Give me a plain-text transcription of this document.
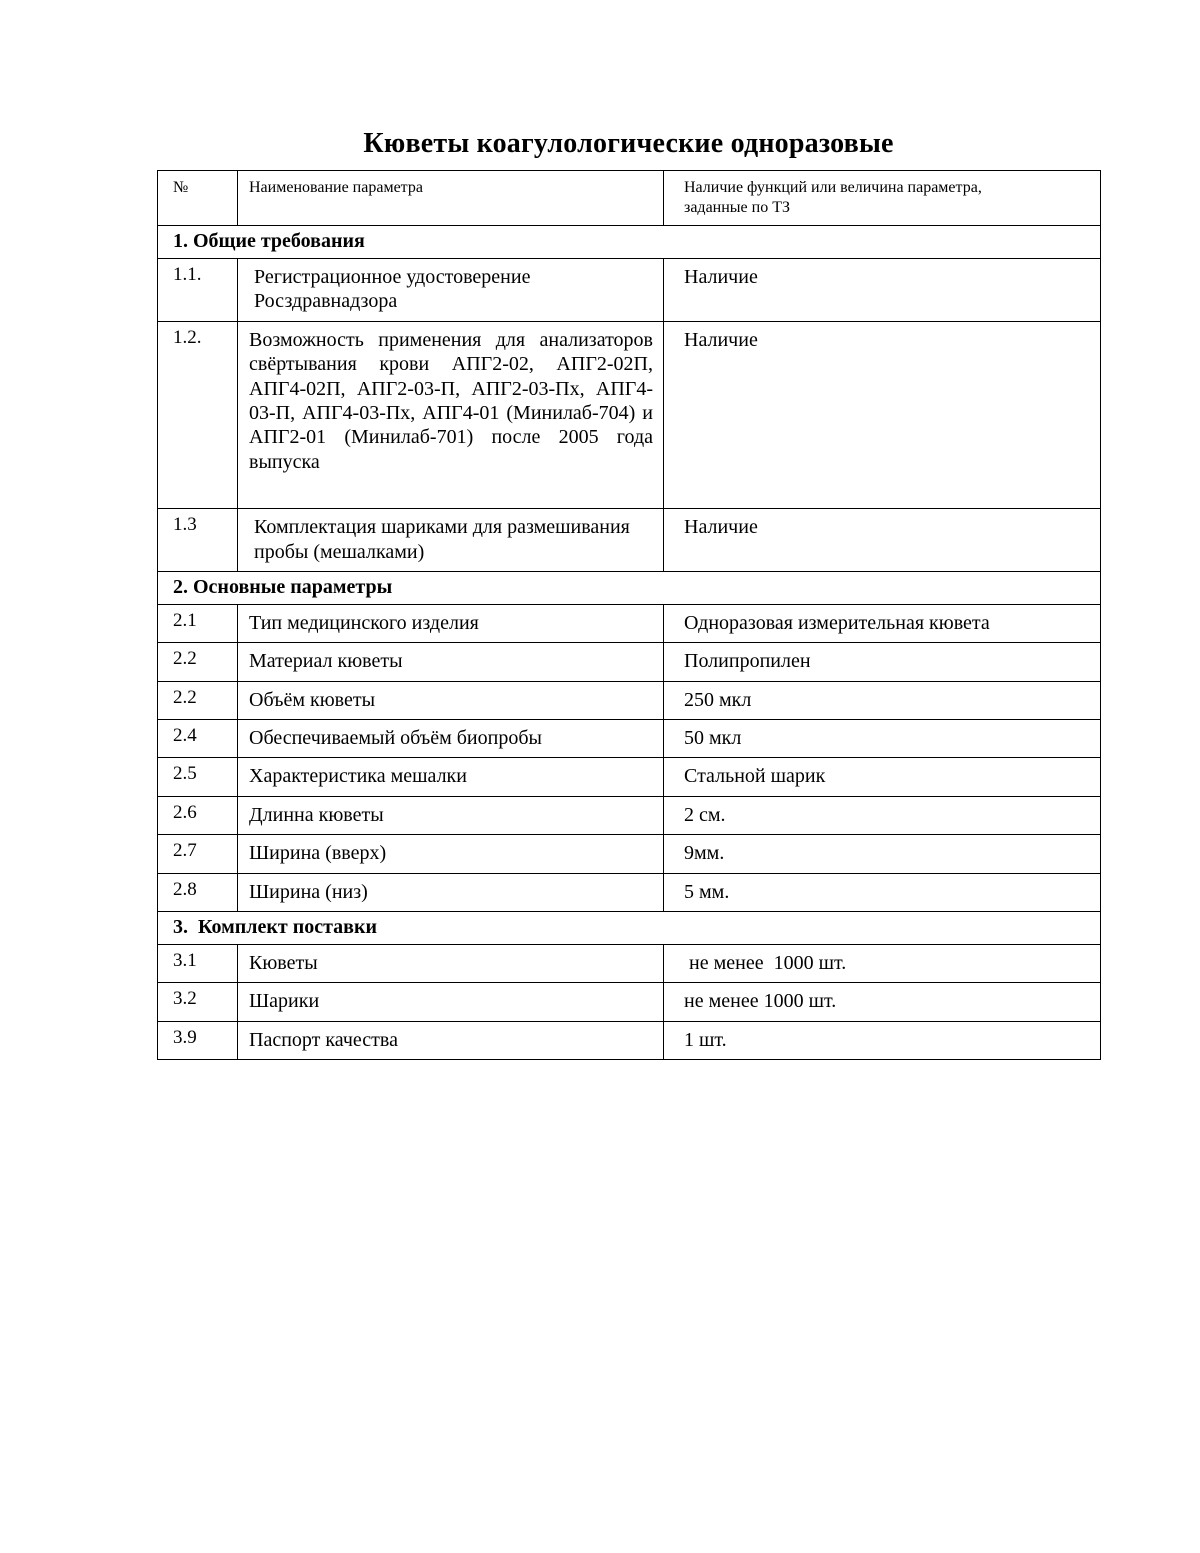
Кюветы коагулологические одноразовые
№	Наименование параметра	Наличие функций или величина параметра, заданные по ТЗ
1. Общие требования		
1.1.	Регистрационное удостоверение Росздравнадзора	Наличие
1.2.	Возможность применения для анализаторов свёртывания крови АПГ2-02, АПГ2-02П, АПГ4-02П, АПГ2-03-П, АПГ2-03-Пх, АПГ4-03-П, АПГ4-03-Пх, АПГ4-01 (Минилаб-704) и АПГ2-01 (Минилаб-701) после 2005 года выпуска	Наличие
1.3	Комплектация шариками для размешивания пробы (мешалками)	Наличие
2. Основные параметры		
2.1	Тип медицинского изделия	Одноразовая измерительная кювета
2.2	Материал кюветы	Полипропилен
2.2	Объём кюветы	250 мкл
2.4	Обеспечиваемый объём биопробы	50 мкл
2.5	Характеристика мешалки	Стальной шарик
2.6	Длинна кюветы	2 см.
2.7	Ширина (вверх)	9мм.
2.8	Ширина (низ)	5 мм.
3.  Комплект поставки		
3.1	Кюветы	не менее  1000 шт.
3.2	Шарики	не менее 1000 шт.
3.9	Паспорт качества	1 шт.
